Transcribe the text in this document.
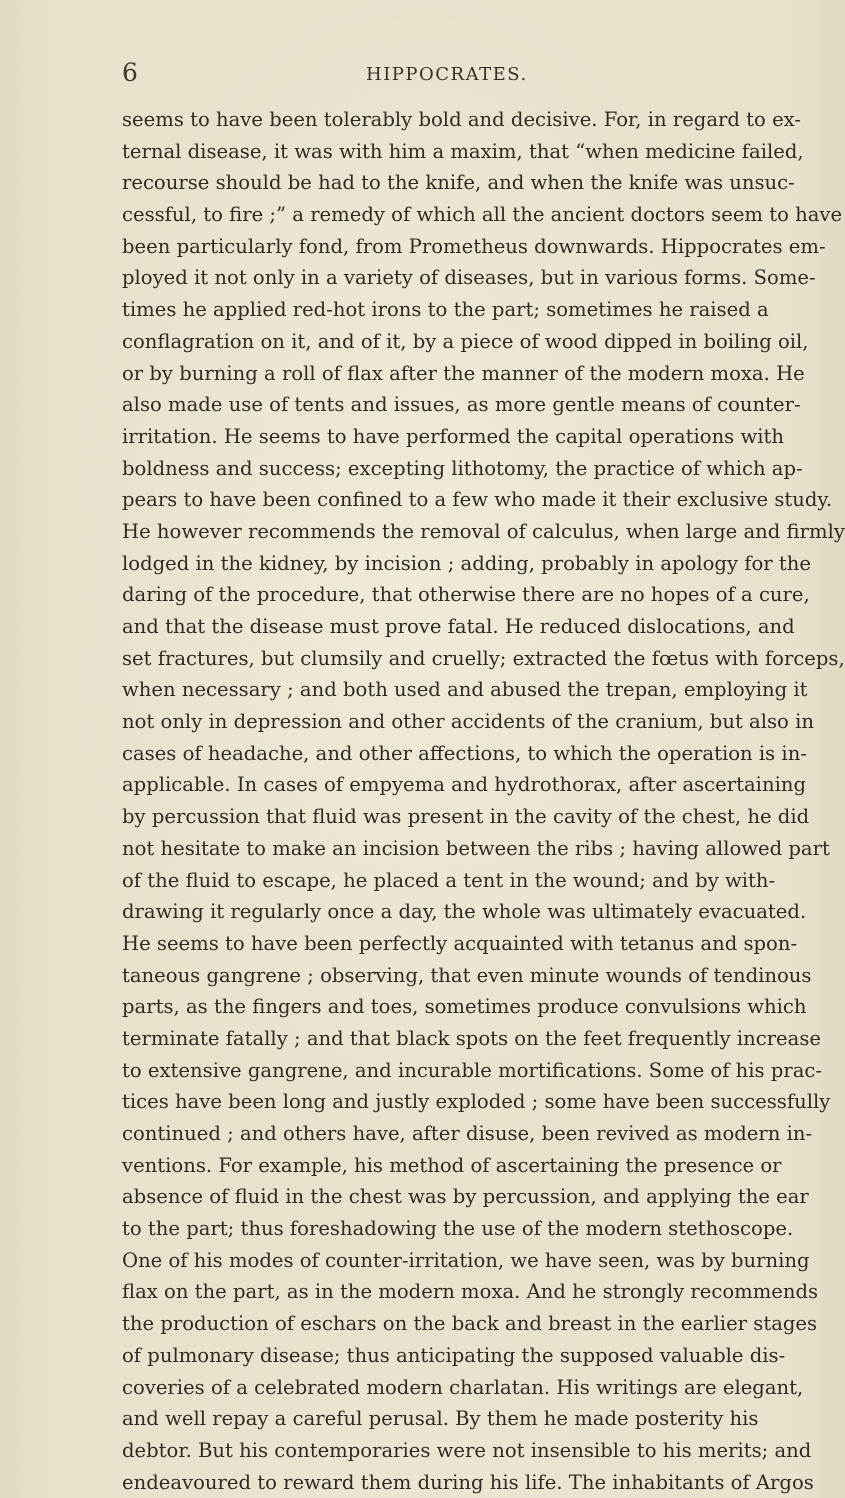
6	HIPPOCRATES.
seems to have been tolerably bold and decisive. For, in regard to ex-
ternal disease, it was with him a maxim, that “when medicine failed,
recourse should be had to the knife, and when the knife was unsuc-
cessful, to fire ;” a remedy of which all the ancient doctors seem to have
been particularly fond, from Prometheus downwards. Hippocrates em-
ployed it not only in a variety of diseases, but in various forms. Some-
times he applied red-hot irons to the part; sometimes he raised a
conflagration on it, and of it, by a piece of wood dipped in boiling oil,
or by burning a roll of flax after the manner of the modern moxa. He
also made use of tents and issues, as more gentle means of counter-
irritation. He seems to have performed the capital operations with
boldness and success; excepting lithotomy, the practice of which ap-
pears to have been confined to a few who made it their exclusive study.
He however recommends the removal of calculus, when large and firmly
lodged in the kidney, by incision ; adding, probably in apology for the
daring of the procedure, that otherwise there are no hopes of a cure,
and that the disease must prove fatal. He reduced dislocations, and
set fractures, but clumsily and cruelly; extracted the fœtus with forceps,
when necessary ; and both used and abused the trepan, employing it
not only in depression and other accidents of the cranium, but also in
cases of headache, and other affections, to which the operation is in-
applicable. In cases of empyema and hydrothorax, after ascertaining
by percussion that fluid was present in the cavity of the chest, he did
not hesitate to make an incision between the ribs ; having allowed part
of the fluid to escape, he placed a tent in the wound; and by with-
drawing it regularly once a day, the whole was ultimately evacuated.
He seems to have been perfectly acquainted with tetanus and spon-
taneous gangrene ; observing, that even minute wounds of tendinous
parts, as the fingers and toes, sometimes produce convulsions which
terminate fatally ; and that black spots on the feet frequently increase
to extensive gangrene, and incurable mortifications. Some of his prac-
tices have been long and justly exploded ; some have been successfully
continued ; and others have, after disuse, been revived as modern in-
ventions. For example, his method of ascertaining the presence or
absence of fluid in the chest was by percussion, and applying the ear
to the part; thus foreshadowing the use of the modern stethoscope.
One of his modes of counter-irritation, we have seen, was by burning
flax on the part, as in the modern moxa. And he strongly recommends
the production of eschars on the back and breast in the earlier stages
of pulmonary disease; thus anticipating the supposed valuable dis-
coveries of a celebrated modern charlatan. His writings are elegant,
and well repay a careful perusal. By them he made posterity his
debtor. But his contemporaries were not insensible to his merits; and
endeavoured to reward them during his life. The inhabitants of Argos
